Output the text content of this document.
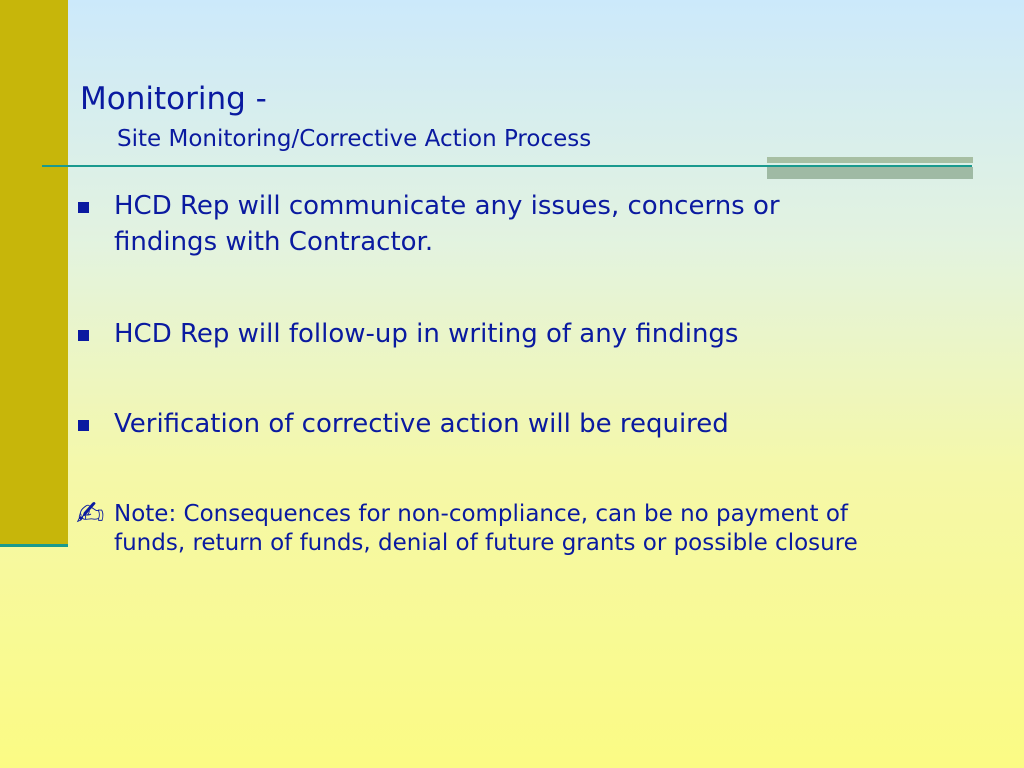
Monitoring -
Site Monitoring/Corrective Action Process
HCD Rep will communicate any issues, concerns or findings with Contractor.
HCD Rep will follow-up in writing of any findings
Verification of corrective action will be required
✍ Note: Consequences for non-compliance, can be no payment of funds, return of funds, denial of future grants or possible closure
